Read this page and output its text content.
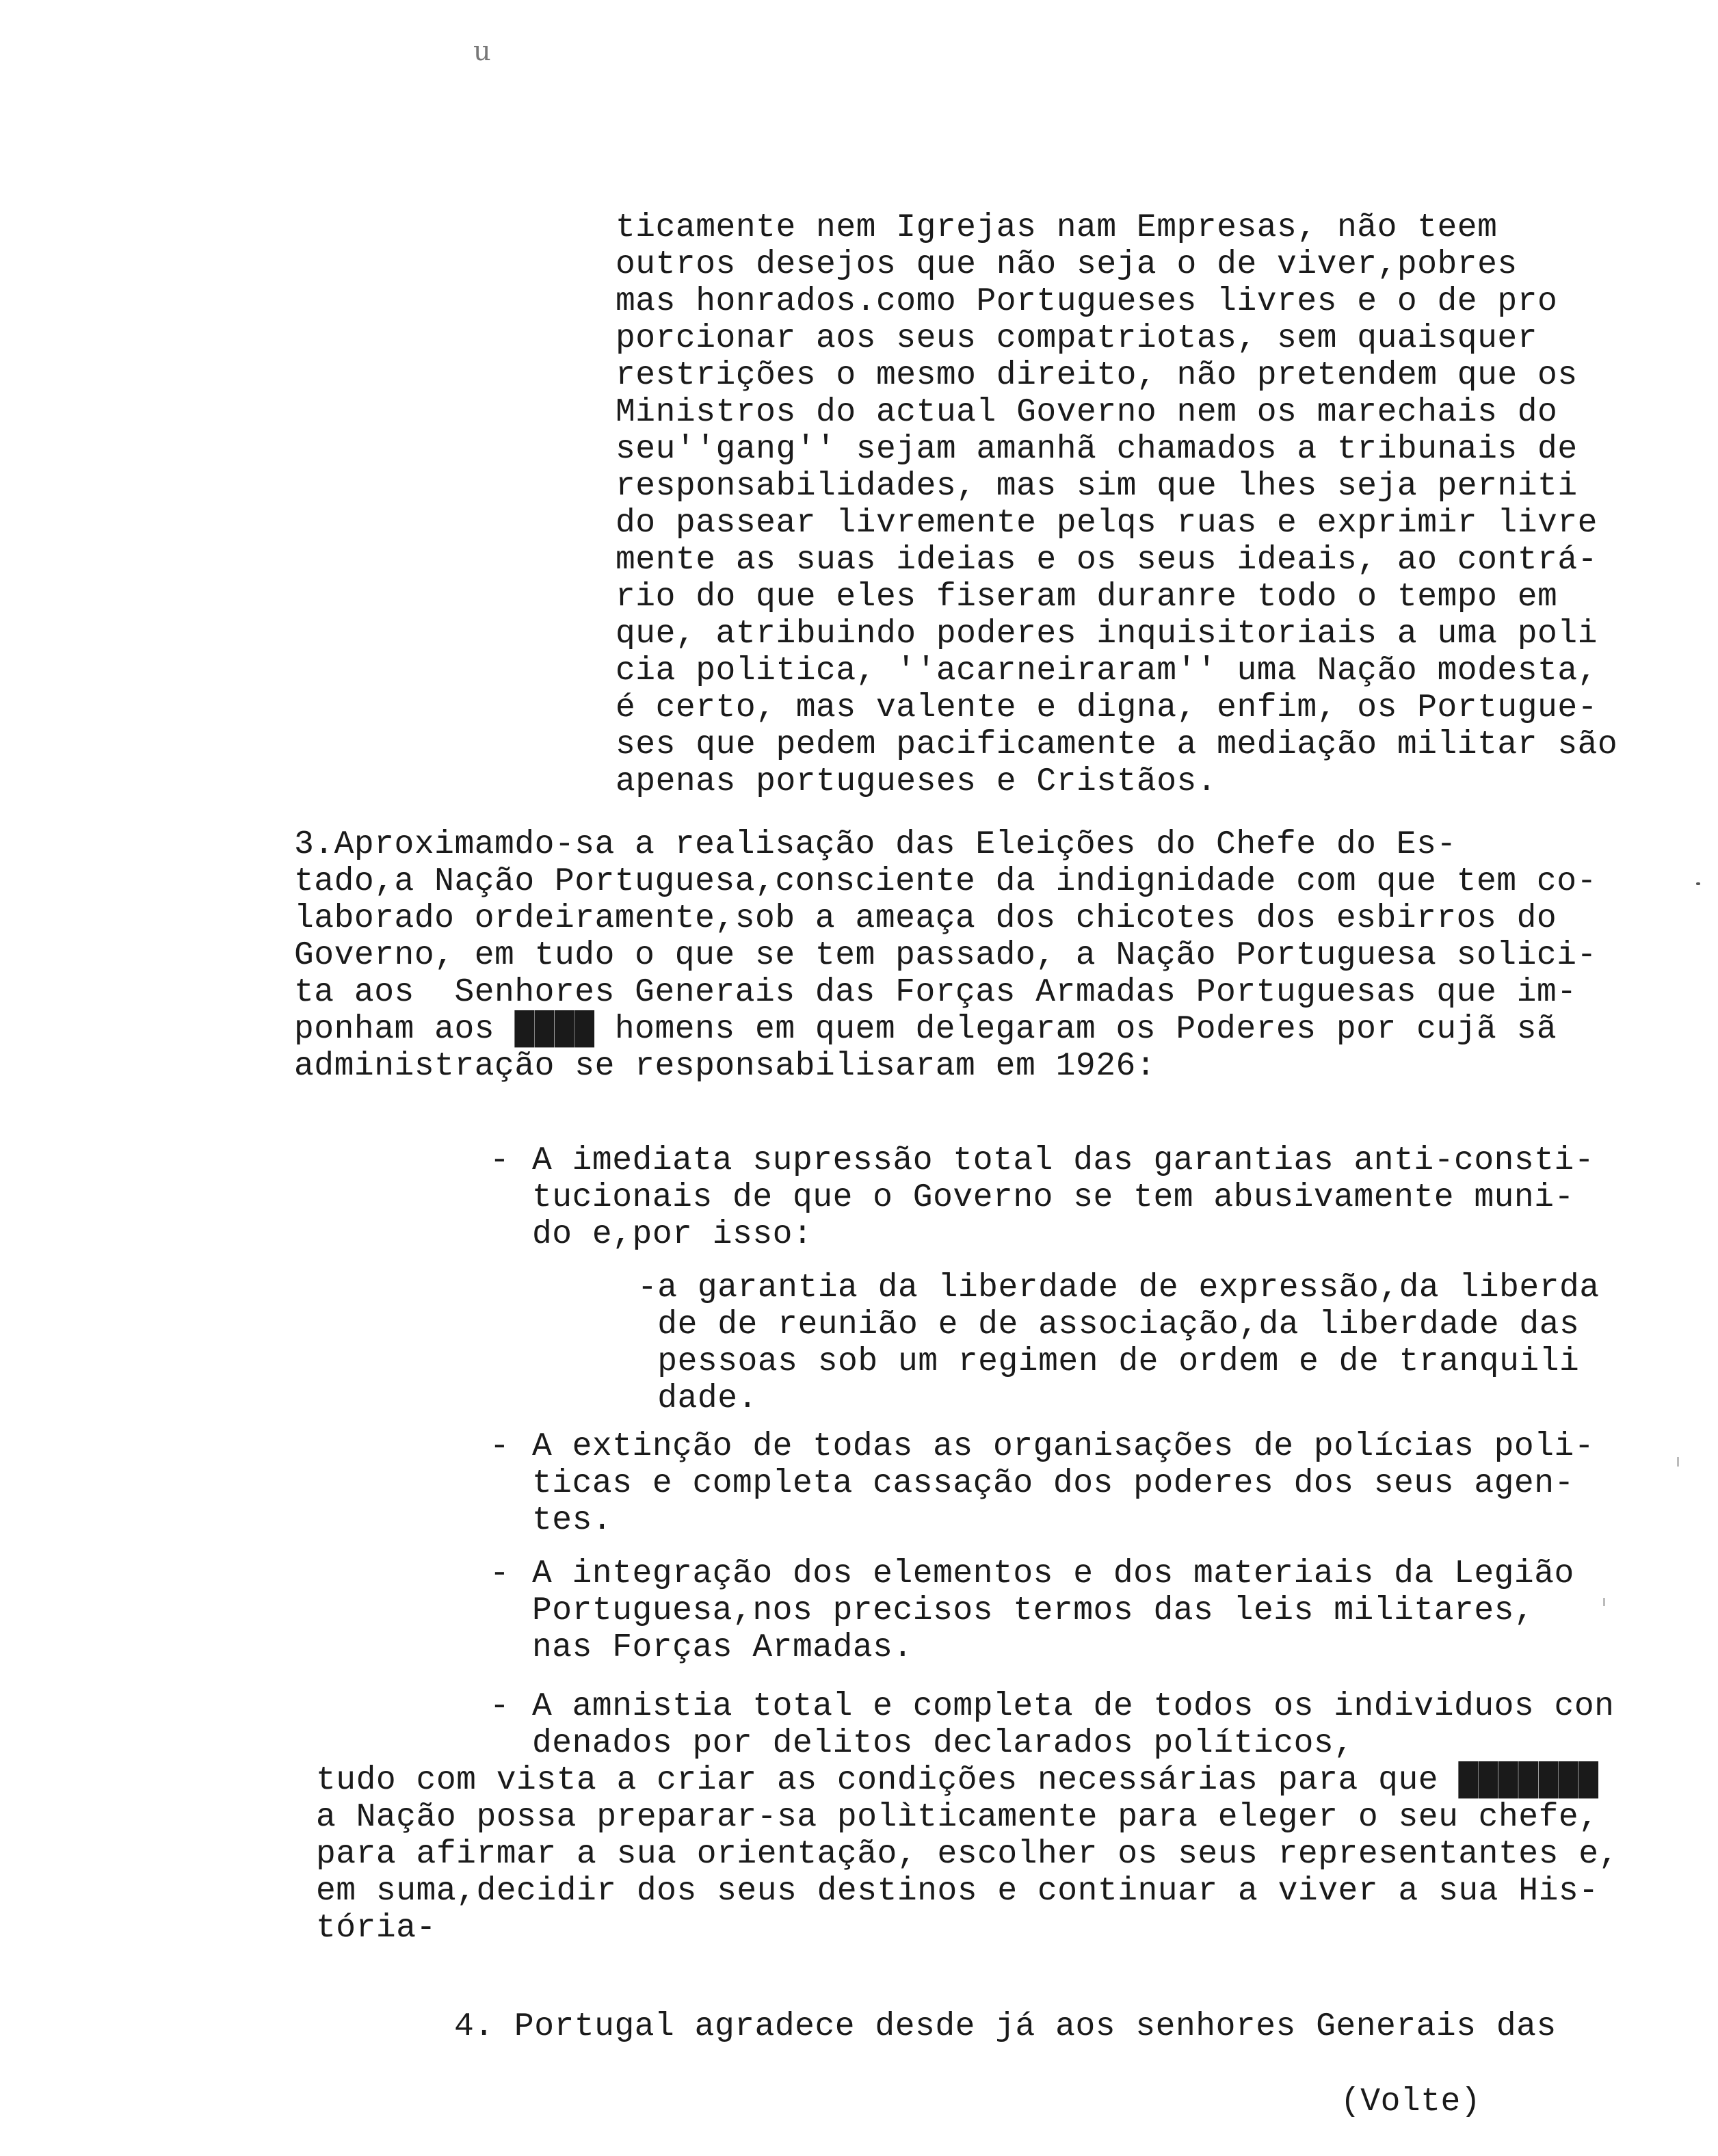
u
ticamente nem Igrejas nam Empresas, não teem
outros desejos que não seja o de viver,pobres
mas honrados.como Portugueses livres e o de pro
porcionar aos seus compatriotas, sem quaisquer
restrições o mesmo direito, não pretendem que os
Ministros do actual Governo nem os marechais do
seu''gang'' sejam amanhã chamados a tribunais de
responsabilidades, mas sim que lhes seja perniti
do passear livremente pelqs ruas e exprimir livre
mente as suas ideias e os seus ideais, ao contrá-
rio do que eles fiseram duranre todo o tempo em
que, atribuindo poderes inquisitoriais a uma poli
cia politica, ''acarneiraram'' uma Nação modesta,
é certo, mas valente e digna, enfim, os Portugue-
ses que pedem pacificamente a mediação militar são
apenas portugueses e Cristãos.
3.Aproximamdo-sa a realisação das Eleições do Chefe do Es-
tado,a Nação Portuguesa,consciente da indignidade com que tem co-
laborado ordeiramente,sob a ameaça dos chicotes dos esbirros do
Governo, em tudo o que se tem passado, a Nação Portuguesa solici-
ta aos  Senhores Generais das Forças Armadas Portuguesas que im-
ponham aos ████ homens em quem delegaram os Poderes por cujã sã
administração se responsabilisaram em 1926:
- A imediata supressão total das garantias anti-consti-
tucionais de que o Governo se tem abusivamente muni-
do e,por isso:
-a garantia da liberdade de expressão,da liberda
de de reunião e de associação,da liberdade das
pessoas sob um regimen de ordem e de tranquili
dade.
- A extinção de todas as organisações de polícias poli-
ticas e completa cassação dos poderes dos seus agen-
tes.
- A integração dos elementos e dos materiais da Legião
Portuguesa,nos precisos termos das leis militares,
nas Forças Armadas.
- A amnistia total e completa de todos os individuos con
denados por delitos declarados políticos,
tudo com vista a criar as condições necessárias para que ███████
a Nação possa preparar-sa polìticamente para eleger o seu chefe,
para afirmar a sua orientação, escolher os seus representantes e,
em suma,decidir dos seus destinos e continuar a viver a sua His-
tória-
4. Portugal agradece desde já aos senhores Generais das
(Volte)
